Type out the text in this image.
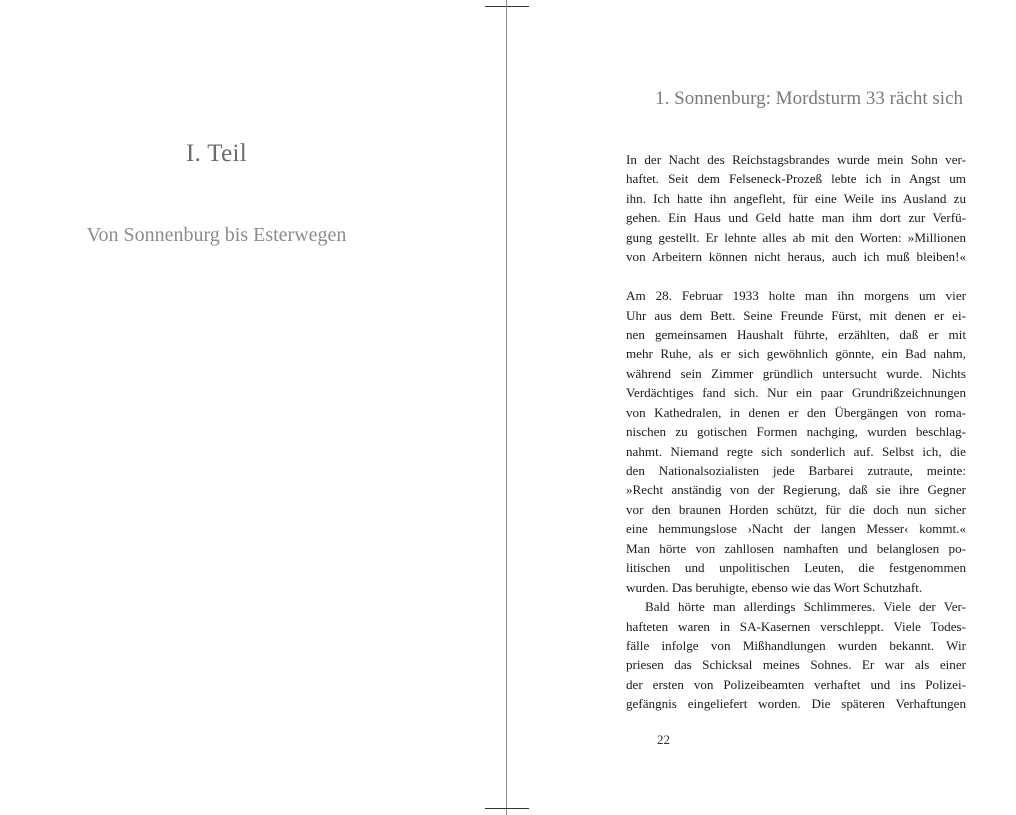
I. Teil
Von Sonnenburg bis Esterwegen
1. Sonnenburg: Mordsturm 33 rächt sich
In der Nacht des Reichstagsbrandes wurde mein Sohn ver-
haftet. Seit dem Felseneck-Prozeß lebte ich in Angst um
ihn. Ich hatte ihn angefleht, für eine Weile ins Ausland zu
gehen. Ein Haus und Geld hatte man ihm dort zur Verfü-
gung gestellt. Er lehnte alles ab mit den Worten: »Millionen
von Arbeitern können nicht heraus, auch ich muß bleiben!«
Am 28. Februar 1933 holte man ihn morgens um vier
Uhr aus dem Bett. Seine Freunde Fürst, mit denen er ei-
nen gemeinsamen Haushalt führte, erzählten, daß er mit
mehr Ruhe, als er sich gewöhnlich gönnte, ein Bad nahm,
während sein Zimmer gründlich untersucht wurde. Nichts
Verdächtiges fand sich. Nur ein paar Grundrißzeichnungen
von Kathedralen, in denen er den Übergängen von roma-
nischen zu gotischen Formen nachging, wurden beschlag-
nahmt. Niemand regte sich sonderlich auf. Selbst ich, die
den Nationalsozialisten jede Barbarei zutraute, meinte:
»Recht anständig von der Regierung, daß sie ihre Gegner
vor den braunen Horden schützt, für die doch nun sicher
eine hemmungslose ›Nacht der langen Messer‹ kommt.«
Man hörte von zahllosen namhaften und belanglosen po-
litischen und unpolitischen Leuten, die festgenommen
wurden. Das beruhigte, ebenso wie das Wort Schutzhaft.
Bald hörte man allerdings Schlimmeres. Viele der Ver-
hafteten waren in SA-Kasernen verschleppt. Viele Todes-
fälle infolge von Mißhandlungen wurden bekannt. Wir
priesen das Schicksal meines Sohnes. Er war als einer
der ersten von Polizeibeamten verhaftet und ins Polizei-
gefängnis eingeliefert worden. Die späteren Verhaftungen
22
